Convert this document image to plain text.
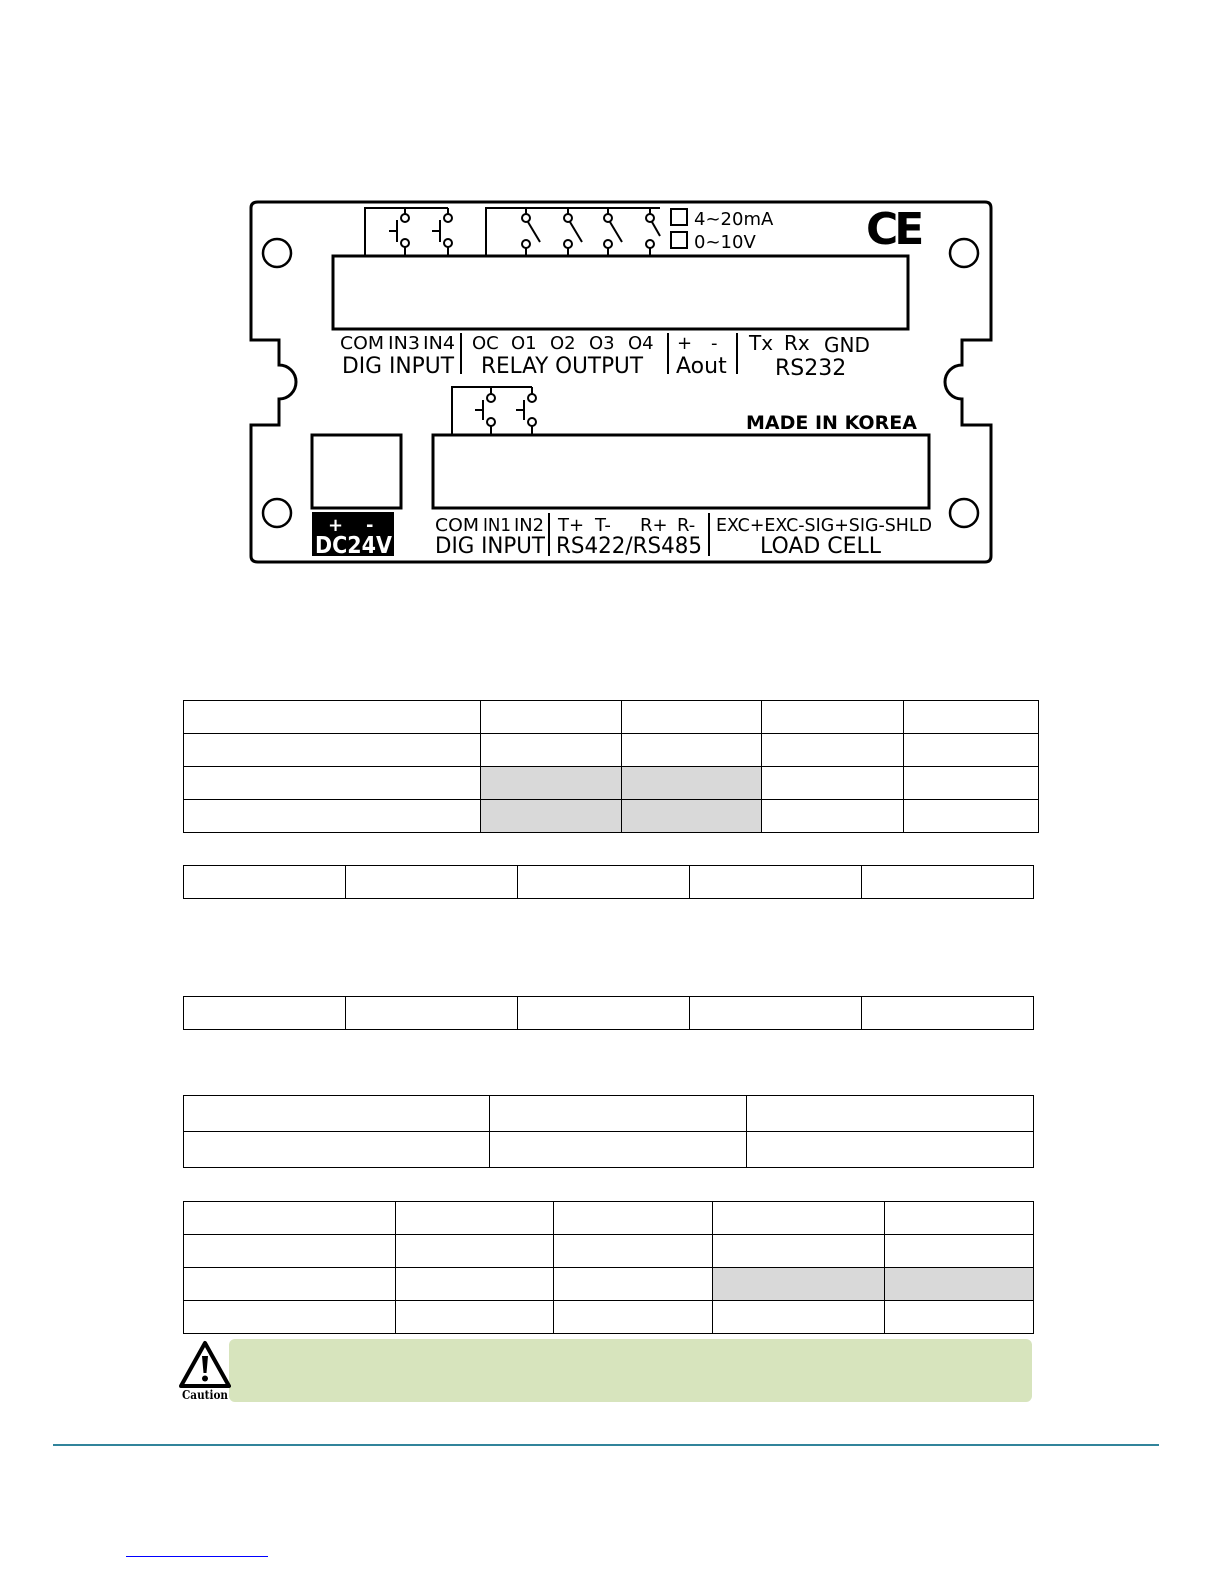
4~20mA
0~10V	CE
COM IN3 IN4 OC O1 O2 O3 O4 + - Tx Rx GND
DIG INPUT RELAY OUTPUT Aout RS232
MADE IN KOREA
+ -
DC24V
COM IN1 IN2 T+ T- R+ R- EXC+EXC-SIG+SIG-SHLD
DIG INPUT RS422/RS485	LOAD CELL

Caution
